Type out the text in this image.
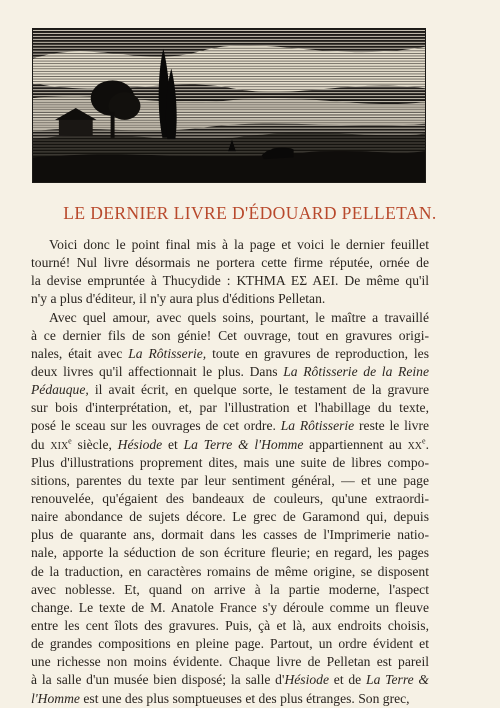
LE DERNIER LIVRE D'ÉDOUARD PELLETAN.

Voici donc le point final mis à la page et voici le dernier feuillet
tourné! Nul livre désormais ne portera cette firme réputée, ornée de
la devise empruntée à Thucydide : ΚΤΗΜΑ ΕΣ ΑΕΙ. De même qu'il
n'y a plus d'éditeur, il n'y aura plus d'éditions Pelletan.

Avec quel amour, avec quels soins, pourtant, le maître a travaillé
à ce dernier fils de son génie! Cet ouvrage, tout en gravures origi-
nales, était avec La Rôtisserie, toute en gravures de reproduction, les
deux livres qu'il affectionnait le plus. Dans La Rôtisserie de la Reine
Pédauque, il avait écrit, en quelque sorte, le testament de la gravure
sur bois d'interprétation, et, par l'illustration et l'habillage du texte,
posé le sceau sur les ouvrages de cet ordre. La Rôtisserie reste le livre
du xix$^e$ siècle, Hésiode et La Terre & l'Homme appartiennent au $xx^e$.
Plus d'illustrations proprement dites, mais une suite de libres compo-
sitions, parentes du texte par leur sentiment général, — et une page
renouvelée, qu'égaient des bandeaux de couleurs, qu'une extraordi-
naire abondance de sujets décore. Le grec de Garamond qui, depuis
plus de quarante ans, dormait dans les casses de l'Imprimerie natio-
nale, apporte la séduction de son écriture fleurie; en regard, les pages
de la traduction, en caractères romains de même origine, se disposent
avec noblesse. Et, quand on arrive à la partie moderne, l'aspect
change. Le texte de M. Anatole France s'y déroule comme un fleuve
entre les cent îlots des gravures. Puis, çà et là, aux endroits choisis,
de grandes compositions en pleine page. Partout, un ordre évident et
une richesse non moins évidente. Chaque livre de Pelletan est pareil
à la salle d'un musée bien disposé; la salle d'Hésiode et de La Terre &
l'Homme est une des plus somptueuses et des plus étranges. Son grec,
